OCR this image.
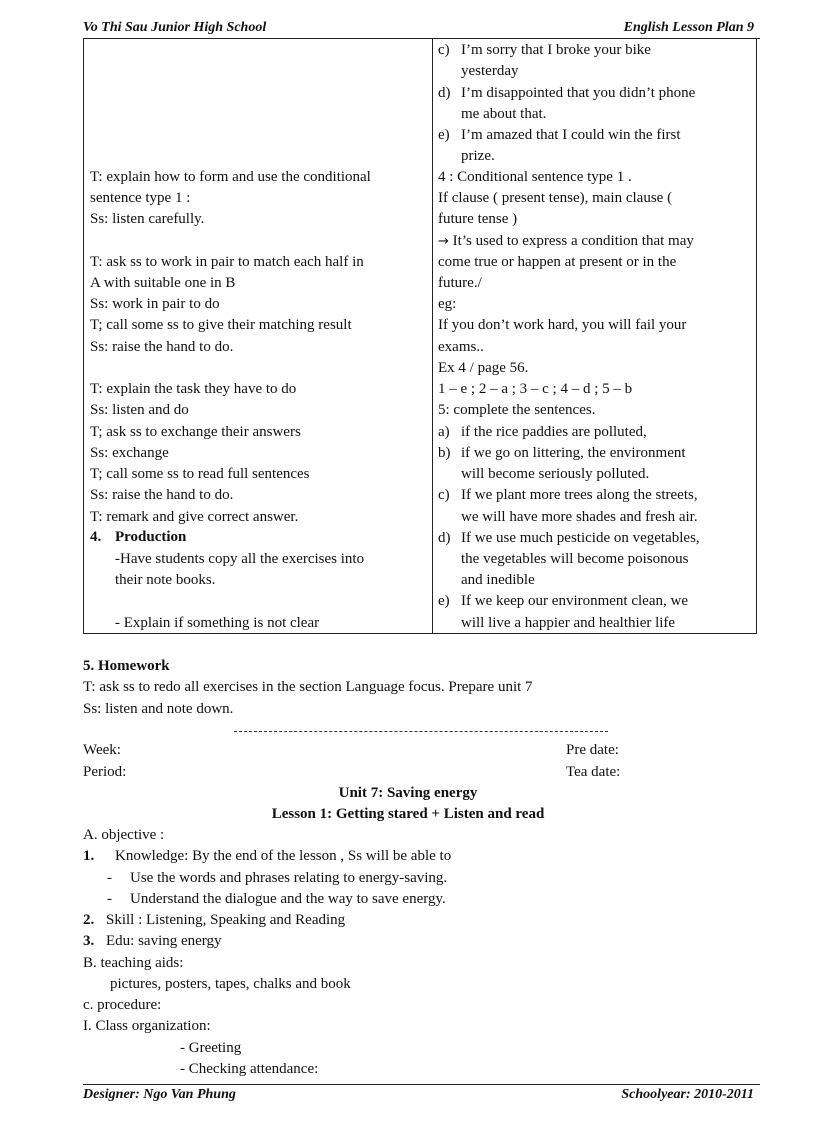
Vo Thi Sau Junior High School	English Lesson Plan 9
T: explain how to form and use the conditional
sentence type 1 :
Ss: listen carefully.
T: ask ss to work in pair to match each half in
A with suitable one in B
Ss: work in pair to do
T; call some ss to give their matching result
Ss: raise the hand to do.
T: explain the task they have to do
Ss: listen and do
T; ask ss to exchange their answers
Ss: exchange
T; call some ss to read full sentences
Ss: raise the hand to do.
T: remark and give correct answer.
4. Production
-Have students copy all the exercises into
their note books.
- Explain if something is not clear
c) I’m sorry that I broke your bike
yesterday
d) I’m disappointed that you didn’t phone
me about that.
e) I’m amazed that I could win the first
prize.
4 : Conditional sentence type 1 .
If clause ( present tense), main clause (
future tense )
→ It’s used to express a condition that may
come true or happen at present or in the
future./
eg:
If you don’t work hard, you will fail your
exams..
Ex 4 / page 56.
1 – e ; 2 – a ; 3 – c ; 4 – d ; 5 – b
5: complete the sentences.
a) if the rice paddies are polluted,
b) if we go on littering, the environment
will become seriously polluted.
c) If we plant more trees along the streets,
we will have more shades and fresh air.
d) If we use much pesticide on vegetables,
the vegetables will become poisonous
and inedible
e) If we keep our environment clean, we
will live a happier and healthier life
5. Homework
T: ask ss to redo all exercises in the section Language focus. Prepare unit 7
Ss: listen and note down.
Week:
Period:
Pre date:
Tea date:
Unit 7: Saving energy
Lesson 1: Getting stared + Listen and read
A. objective :
1. Knowledge: By the end of the lesson , Ss will be able to
- Use the words and phrases relating to energy-saving.
- Understand the dialogue and the way to save energy.
2. Skill : Listening, Speaking and Reading
3. Edu: saving energy
B. teaching aids:
pictures, posters, tapes, chalks and book
c. procedure:
I. Class organization:
- Greeting
- Checking attendance:
Designer: Ngo Van Phung	Schoolyear: 2010-2011
